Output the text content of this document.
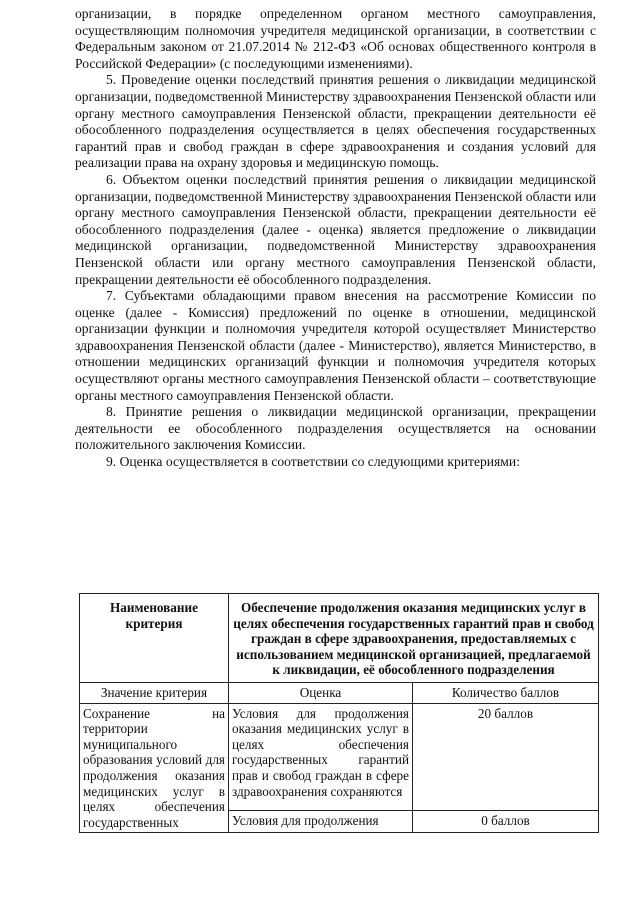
организации, в порядке определенном органом местного самоуправления, осуществляющим полномочия учредителя медицинской организации, в соответствии с Федеральным законом от 21.07.2014 № 212-ФЗ «Об основах общественного контроля в Российской Федерации» (с последующими изменениями).

5. Проведение оценки последствий принятия решения о ликвидации медицинской организации, подведомственной Министерству здравоохранения Пензенской области или органу местного самоуправления Пензенской области, прекращении деятельности её обособленного подразделения осуществляется в целях обеспечения государственных гарантий прав и свобод граждан в сфере здравоохранения и создания условий для реализации права на охрану здоровья и медицинскую помощь.

6. Объектом оценки последствий принятия решения о ликвидации медицинской организации, подведомственной Министерству здравоохранения Пензенской области или органу местного самоуправления Пензенской области, прекращении деятельности её обособленного подразделения (далее - оценка) является предложение о ликвидации медицинской организации, подведомственной Министерству здравоохранения Пензенской области или органу местного самоуправления Пензенской области, прекращении деятельности её обособленного подразделения.

7. Субъектами обладающими правом внесения на рассмотрение Комиссии по оценке (далее - Комиссия) предложений по оценке в отношении, медицинской организации функции и полномочия учредителя которой осуществляет Министерство здравоохранения Пензенской области (далее - Министерство), является Министерство, в отношении медицинских организаций функции и полномочия учредителя которых осуществляют органы местного самоуправления Пензенской области – соответствующие органы местного самоуправления Пензенской области.

8. Принятие решения о ликвидации медицинской организации, прекращении деятельности ее обособленного подразделения осуществляется на основании положительного заключения Комиссии.

9. Оценка осуществляется в соответствии со следующими критериями:

Наименование критерия	Обеспечение продолжения оказания медицинских услуг в целях обеспечения государственных гарантий прав и свобод граждан в сфере здравоохранения, предоставляемых с использованием медицинской организацией, предлагаемой к ликвидации, её обособленного подразделения	
Значение критерия	Оценка	Количество баллов
Сохранение на территории муниципального образования условий для продолжения оказания медицинских услуг в целях обеспечения государственных	Условия для продолжения оказания медицинских услуг в целях обеспечения государственных гарантий прав и свобод граждан в сфере здравоохранения сохраняются	20 баллов
	Условия для продолжения	0 баллов
